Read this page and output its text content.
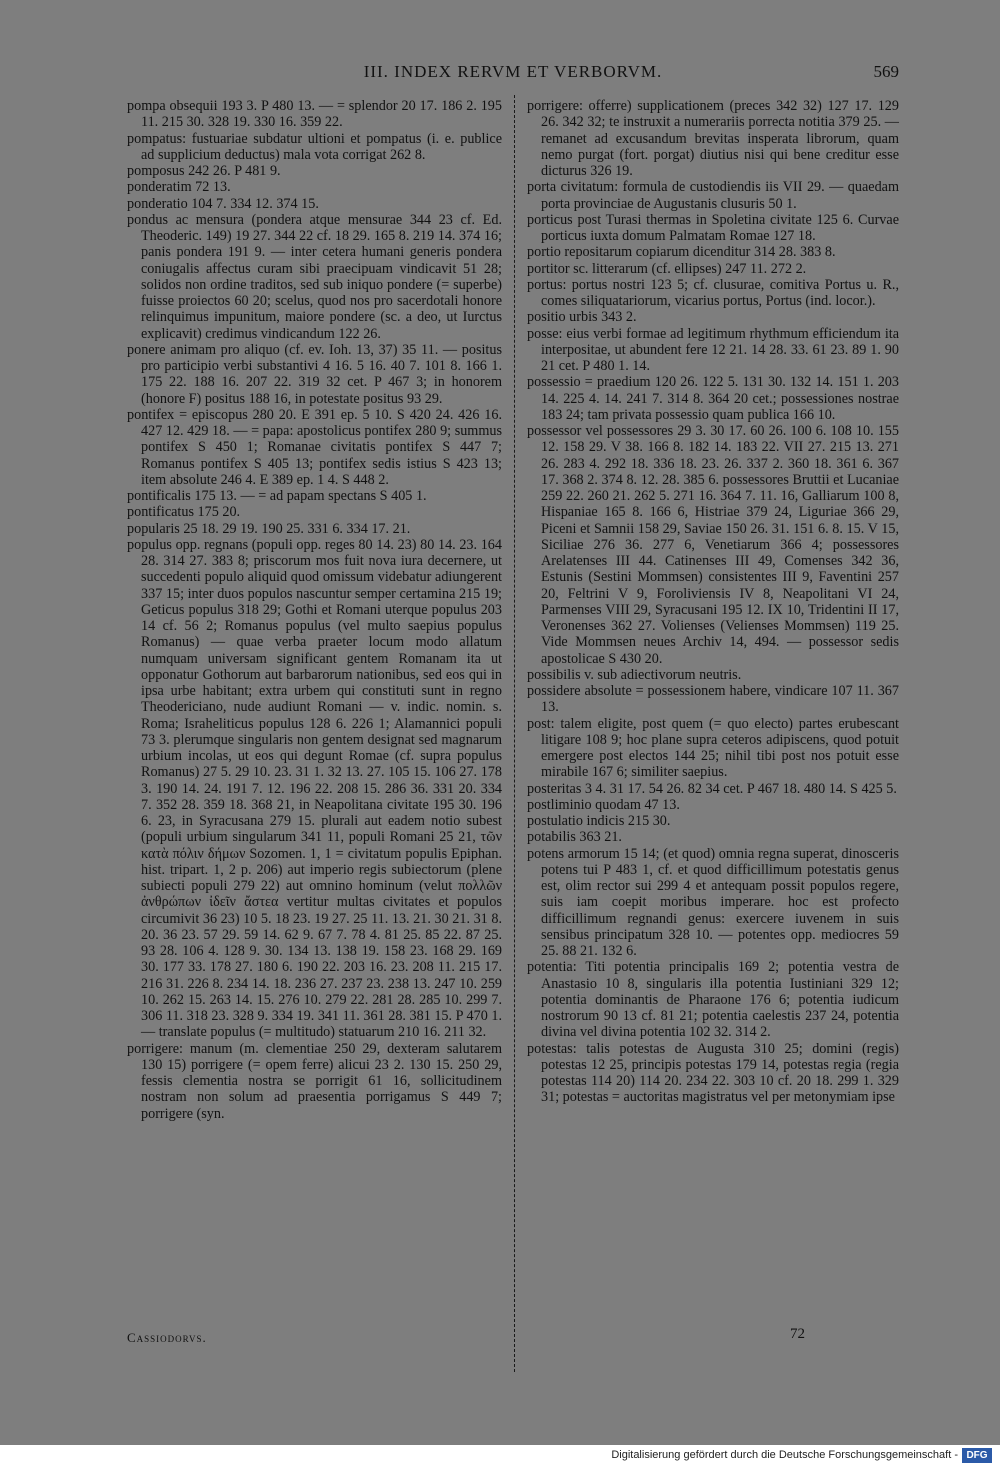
III. INDEX RERVM ET VERBORVM.	569

pompa obsequii 193 3. P 480 13. — = splendor 20 17. 186 2. 195 11. 215 30. 328 19. 330 16. 359 22.

pompatus: fustuariae subdatur ultioni et pompatus (i. e. publice ad supplicium deductus) mala vota corrigat 262 8.

pomposus 242 26. P 481 9.

ponderatim 72 13.

ponderatio 104 7. 334 12. 374 15.

pondus ac mensura (pondera atque mensurae 344 23 cf. Ed. Theoderic. 149) 19 27. 344 22 cf. 18 29. 165 8. 219 14. 374 16; panis pondera 191 9. — inter cetera humani generis pondera coniugalis affectus curam sibi praecipuam vindicavit 51 28; solidos non ordine traditos, sed sub iniquo pondere (= superbe) fuisse proiectos 60 20; scelus, quod nos pro sacerdotali honore relinquimus impunitum, maiore pondere (sc. a deo, ut Iurctus explicavit) credimus vindicandum 122 26.

ponere animam pro aliquo (cf. ev. Ioh. 13, 37) 35 11. — positus pro participio verbi substantivi 4 16. 5 16. 40 7. 101 8. 166 1. 175 22. 188 16. 207 22. 319 32 cet. P 467 3; in honorem (honore F) positus 188 16, in potestate positus 93 29.

pontifex = episcopus 280 20. E 391 ep. 5 10. S 420 24. 426 16. 427 12. 429 18. — = papa: apostolicus pontifex 280 9; summus pontifex S 450 1; Romanae civitatis pontifex S 447 7; Romanus pontifex S 405 13; pontifex sedis istius S 423 13; item absolute 246 4. E 389 ep. 1 4. S 448 2.

pontificalis 175 13. — = ad papam spectans S 405 1.

pontificatus 175 20.

popularis 25 18. 29 19. 190 25. 331 6. 334 17. 21.

populus opp. regnans (populi opp. reges 80 14. 23) 80 14. 23. 164 28. 314 27. 383 8; priscorum mos fuit nova iura decernere, ut succedenti populo aliquid quod omissum videbatur adiungerent 337 15; inter duos populos nascuntur semper certamina 215 19; Geticus populus 318 29; Gothi et Romani uterque populus 203 14 cf. 56 2; Romanus populus (vel multo saepius populus Romanus) — quae verba praeter locum modo allatum numquam universam significant gentem Romanam ita ut opponatur Gothorum aut barbarorum nationibus, sed eos qui in ipsa urbe habitant; extra urbem qui constituti sunt in regno Theodericiano, nude audiunt Romani — v. indic. nomin. s. Roma; Israheliticus populus 128 6. 226 1; Alamannici populi 73 3. plerumque singularis non gentem designat sed magnarum urbium incolas, ut eos qui degunt Romae (cf. supra populus Romanus) 27 5. 29 10. 23. 31 1. 32 13. 27. 105 15. 106 27. 178 3. 190 14. 24. 191 7. 12. 196 22. 208 15. 286 36. 331 20. 334 7. 352 28. 359 18. 368 21, in Neapolitana civitate 195 30. 196 6. 23, in Syracusana 279 15. plurali aut eadem notio subest (populi urbium singularum 341 11, populi Romani 25 21, τῶν κατὰ πόλιν δήμων Sozomen. 1, 1 = civitatum populis Epiphan. hist. tripart. 1, 2 p. 206) aut imperio regis subiectorum (plene subiecti populi 279 22) aut omnino hominum (velut πολλῶν ἀνθρώπων ἰδεῖν ἄστεα vertitur multas civitates et populos circumivit 36 23) 10 5. 18 23. 19 27. 25 11. 13. 21. 30 21. 31 8. 20. 36 23. 57 29. 59 14. 62 9. 67 7. 78 4. 81 25. 85 22. 87 25. 93 28. 106 4. 128 9. 30. 134 13. 138 19. 158 23. 168 29. 169 30. 177 33. 178 27. 180 6. 190 22. 203 16. 23. 208 11. 215 17. 216 31. 226 8. 234 14. 18. 236 27. 237 23. 238 13. 247 10. 259 10. 262 15. 263 14. 15. 276 10. 279 22. 281 28. 285 10. 299 7. 306 11. 318 23. 328 9. 334 19. 341 11. 361 28. 381 15. P 470 1. — translate populus (= multitudo) statuarum 210 16. 211 32.

porrigere: manum (m. clementiae 250 29, dexteram salutarem 130 15) porrigere (= opem ferre) alicui 23 2. 130 15. 250 29, fessis clementia nostra se porrigit 61 16, sollicitudinem nostram non solum ad praesentia porrigamus S 449 7; porrigere (syn.

porrigere: offerre) supplicationem (preces 342 32) 127 17. 129 26. 342 32; te instruxit a numerariis porrecta notitia 379 25. — remanet ad excusandum brevitas insperata librorum, quam nemo purgat (fort. porgat) diutius nisi qui bene creditur esse dicturus 326 19.

porta civitatum: formula de custodiendis iis VII 29. — quaedam porta provinciae de Augustanis clusuris 50 1.

porticus post Turasi thermas in Spoletina civitate 125 6. Curvae porticus iuxta domum Palmatam Romae 127 18.

portio repositarum copiarum dicenditur 314 28. 383 8.

portitor sc. litterarum (cf. ellipses) 247 11. 272 2.

portus: portus nostri 123 5; cf. clusurae, comitiva Portus u. R., comes siliquatariorum, vicarius portus, Portus (ind. locor.).

positio urbis 343 2.

posse: eius verbi formae ad legitimum rhythmum efficiendum ita interpositae, ut abundent fere 12 21. 14 28. 33. 61 23. 89 1. 90 21 cet. P 480 1. 14.

possessio = praedium 120 26. 122 5. 131 30. 132 14. 151 1. 203 14. 225 4. 14. 241 7. 314 8. 364 20 cet.; possessiones nostrae 183 24; tam privata possessio quam publica 166 10.

possessor vel possessores 29 3. 30 17. 60 26. 100 6. 108 10. 155 12. 158 29. V 38. 166 8. 182 14. 183 22. VII 27. 215 13. 271 26. 283 4. 292 18. 336 18. 23. 26. 337 2. 360 18. 361 6. 367 17. 368 2. 374 8. 12. 28. 385 6. possessores Bruttii et Lucaniae 259 22. 260 21. 262 5. 271 16. 364 7. 11. 16, Galliarum 100 8, Hispaniae 165 8. 166 6, Histriae 379 24, Liguriae 366 29, Piceni et Samnii 158 29, Saviae 150 26. 31. 151 6. 8. 15. V 15, Siciliae 276 36. 277 6, Venetiarum 366 4; possessores Arelatenses III 44. Catinenses III 49, Comenses 342 36, Estunis (Sestini Mommsen) consistentes III 9, Faventini 257 20, Feltrini V 9, Foroliviensis IV 8, Neapolitani VI 24, Parmenses VIII 29, Syracusani 195 12. IX 10, Tridentini II 17, Veronenses 362 27. Volienses (Velienses Mommsen) 119 25. Vide Mommsen neues Archiv 14, 494. — possessor sedis apostolicae S 430 20.

possibilis v. sub adiectivorum neutris.

possidere absolute = possessionem habere, vindicare 107 11. 367 13.

post: talem eligite, post quem (= quo electo) partes erubescant litigare 108 9; hoc plane supra ceteros adipiscens, quod potuit emergere post electos 144 25; nihil tibi post nos potuit esse mirabile 167 6; similiter saepius.

posteritas 3 4. 31 17. 54 26. 82 34 cet. P 467 18. 480 14. S 425 5.

postliminio quodam 47 13.

postulatio indicis 215 30.

potabilis 363 21.

potens armorum 15 14; (et quod) omnia regna superat, dinosceris potens tui P 483 1, cf. et quod difficillimum potestatis genus est, olim rector sui 299 4 et antequam possit populos regere, suis iam coepit moribus imperare. hoc est profecto difficillimum regnandi genus: exercere iuvenem in suis sensibus principatum 328 10. — potentes opp. mediocres 59 25. 88 21. 132 6.

potentia: Titi potentia principalis 169 2; potentia vestra de Anastasio 10 8, singularis illa potentia Iustiniani 329 12; potentia dominantis de Pharaone 176 6; potentia iudicum nostrorum 90 13 cf. 81 21; potentia caelestis 237 24, potentia divina vel divina potentia 102 32. 314 2.

potestas: talis potestas de Augusta 310 25; domini (regis) potestas 12 25, principis potestas 179 14, potestas regia (regia potestas 114 20) 114 20. 234 22. 303 10 cf. 20 18. 299 1. 329 31; potestas = auctoritas magistratus vel per metonymiam ipse

Cassiodorvs.	72
Digitalisierung gefördert durch die Deutsche Forschungsgemeinschaft - DFG
